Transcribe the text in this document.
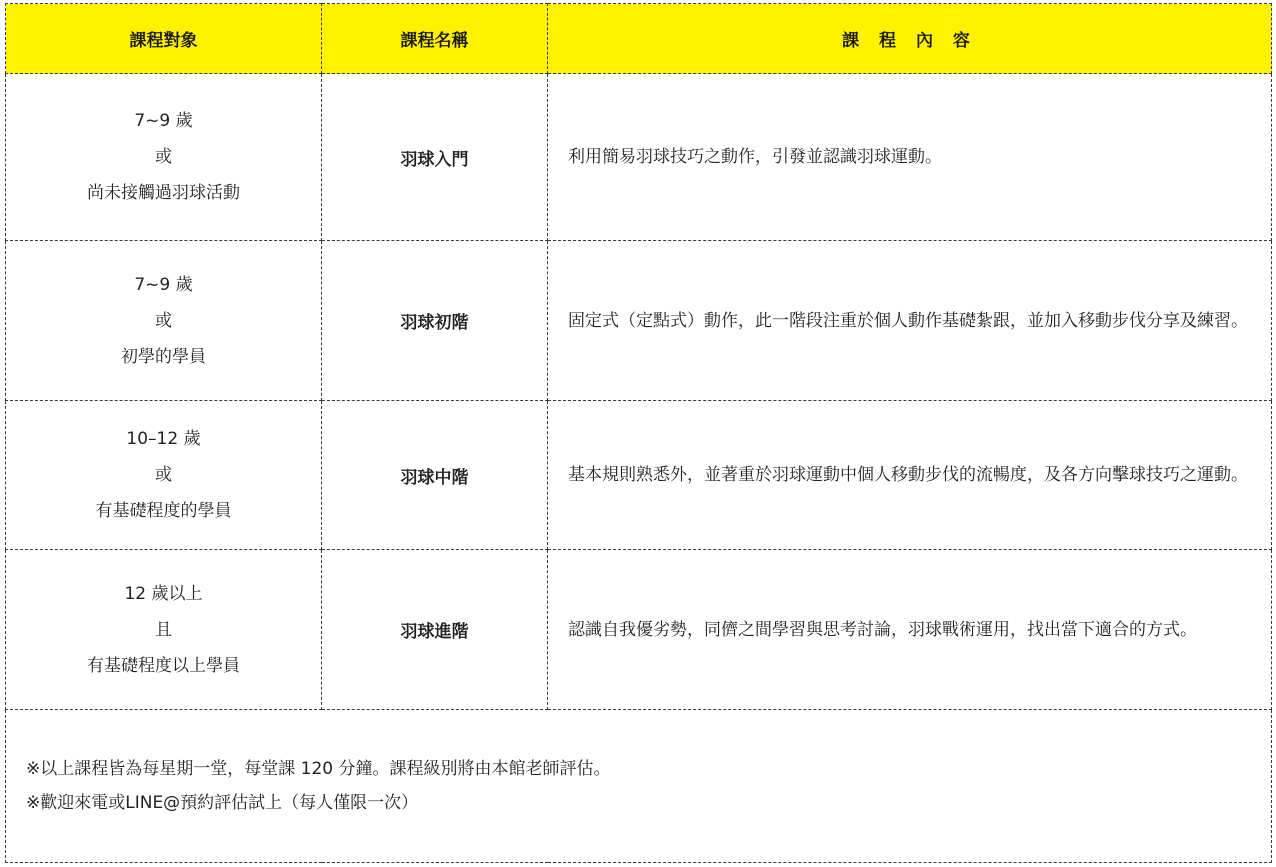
課程對象	課程名稱	課 程 內 容

7~9 歲
或
尚未接觸過羽球活動	羽球入門	利用簡易羽球技巧之動作，引發並認識羽球運動。

7~9 歲
或
初學的學員	羽球初階	固定式（定點式）動作，此一階段注重於個人動作基礎紮跟，並加入移動步伐分享及練習。

10–12 歲
或
有基礎程度的學員	羽球中階	基本規則熟悉外，並著重於羽球運動中個人移動步伐的流暢度，及各方向擊球技巧之運動。

12 歲以上
且
有基礎程度以上學員	羽球進階	認識自我優劣勢，同儕之間學習與思考討論，羽球戰術運用，找出當下適合的方式。

※以上課程皆為每星期一堂，每堂課 120 分鐘。課程級別將由本館老師評估。
※歡迎來電或LINE@預約評估試上（每人僅限一次）		
